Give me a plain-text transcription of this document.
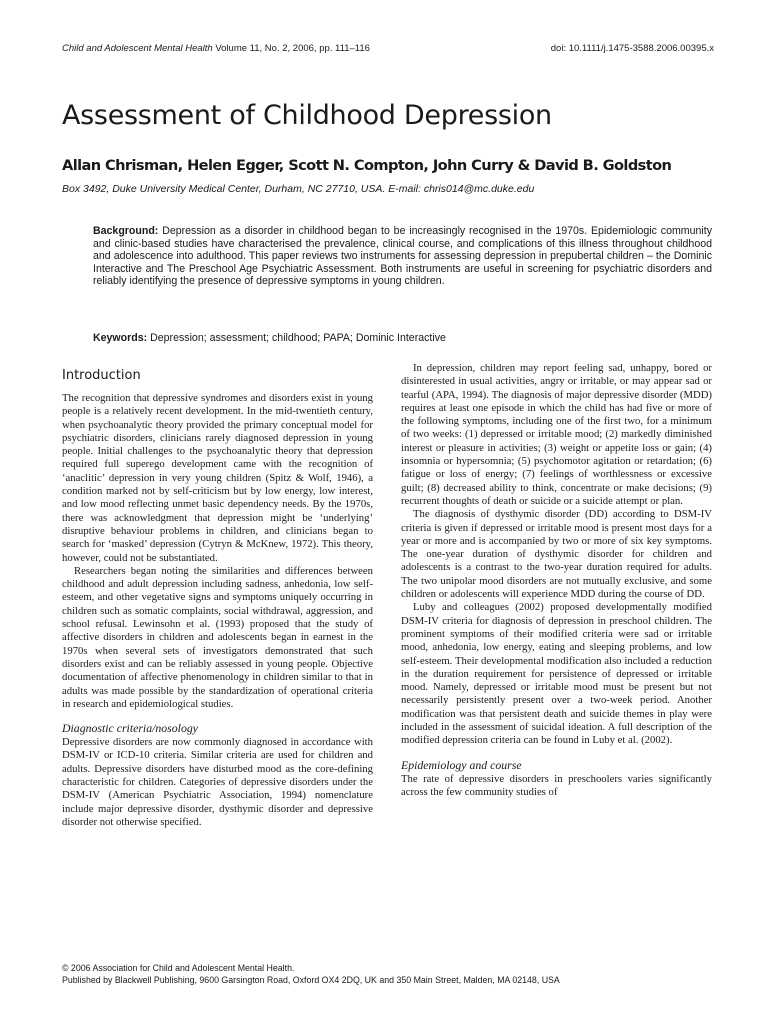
Child and Adolescent Mental Health Volume 11, No. 2, 2006, pp. 111–116	doi: 10.1111/j.1475-3588.2006.00395.x
Assessment of Childhood Depression
Allan Chrisman, Helen Egger, Scott N. Compton, John Curry & David B. Goldston
Box 3492, Duke University Medical Center, Durham, NC 27710, USA. E-mail: chris014@mc.duke.edu

Background: Depression as a disorder in childhood began to be increasingly recognised in the 1970s. Epidemiologic community and clinic-based studies have characterised the prevalence, clinical course, and complications of this illness throughout childhood and adolescence into adulthood. This paper reviews two instruments for assessing depression in prepubertal children – the Dominic Interactive and The Preschool Age Psychiatric Assessment. Both instruments are useful in screening for psychiatric disorders and reliably identifying the presence of depressive symptoms in young children.

Keywords: Depression; assessment; childhood; PAPA; Dominic Interactive
Introduction

The recognition that depressive syndromes and disorders exist in young people is a relatively recent development. In the mid-twentieth century, when psychoanalytic theory provided the primary conceptual model for psychiatric disorders, clinicians rarely diagnosed depression in young people. Initial challenges to the psychoanalytic theory that depression required full superego development came with the recognition of ‘anaclitic’ depression in very young children (Spitz & Wolf, 1946), a condition marked not by self-criticism but by low energy, low interest, and low mood reflecting unmet basic dependency needs. By the 1970s, there was acknowledgment that depression might be ‘underlying’ disruptive behaviour problems in children, and clinicians began to search for ‘masked’ depression (Cytryn & McKnew, 1972). This theory, however, could not be substantiated.

Researchers began noting the similarities and differences between childhood and adult depression including sadness, anhedonia, low self-esteem, and other vegetative signs and symptoms uniquely occurring in children such as somatic complaints, social withdrawal, aggression, and school refusal. Lewinsohn et al. (1993) proposed that the study of affective disorders in children and adolescents began in earnest in the 1970s when several sets of investigators demonstrated that such disorders exist and can be reliably assessed in young people. Objective documentation of affective phenomenology in children similar to that in adults was made possible by the standardization of operational criteria in research and epidemiological studies.

Diagnostic criteria/nosology

Depressive disorders are now commonly diagnosed in accordance with DSM-IV or ICD-10 criteria. Similar criteria are used for children and adults. Depressive disorders have disturbed mood as the core-defining characteristic for children. Categories of depressive disorders under the DSM-IV (American Psychiatric Association, 1994) nomenclature include major depressive disorder, dysthymic disorder and depressive disorder not otherwise specified.

In depression, children may report feeling sad, unhappy, bored or disinterested in usual activities, angry or irritable, or may appear sad or tearful (APA, 1994). The diagnosis of major depressive disorder (MDD) requires at least one episode in which the child has had five or more of the following symptoms, including one of the first two, for a minimum of two weeks: (1) depressed or irritable mood; (2) markedly diminished interest or pleasure in activities; (3) weight or appetite loss or gain; (4) insomnia or hypersomnia; (5) psychomotor agitation or retardation; (6) fatigue or loss of energy; (7) feelings of worthlessness or excessive guilt; (8) decreased ability to think, concentrate or make decisions; (9) recurrent thoughts of death or suicide or a suicide attempt or plan.

The diagnosis of dysthymic disorder (DD) according to DSM-IV criteria is given if depressed or irritable mood is present most days for a year or more and is accompanied by two or more of six key symptoms. The one-year duration of dysthymic disorder for children and adolescents is a contrast to the two-year duration required for adults. The two unipolar mood disorders are not mutually exclusive, and some children or adolescents will experience MDD during the course of DD.

Luby and colleagues (2002) proposed developmentally modified DSM-IV criteria for diagnosis of depression in preschool children. The prominent symptoms of their modified criteria were sad or irritable mood, anhedonia, low energy, eating and sleeping problems, and low self-esteem. Their developmental modification also included a reduction in the duration requirement for persistence of depressed or irritable mood. Namely, depressed or irritable mood must be present but not necessarily persistently present over a two-week period. Another modification was that persistent death and suicide themes in play were included in the assessment of suicidal ideation. A full description of the modified depression criteria can be found in Luby et al. (2002).

Epidemiology and course

The rate of depressive disorders in preschoolers varies significantly across the few community studies of

© 2006 Association for Child and Adolescent Mental Health.
Published by Blackwell Publishing, 9600 Garsington Road, Oxford OX4 2DQ, UK and 350 Main Street, Malden, MA 02148, USA
